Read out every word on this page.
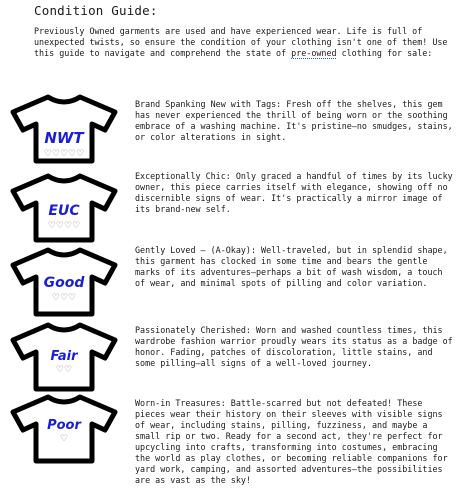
Condition Guide:
Previously Owned garments are used and have experienced wear. Life is full of unexpected twists, so ensure the condition of your clothing isn't one of them! Use this guide to navigate and comprehend the state of pre-owned clothing for sale:
NWT
♡♡♡♡♡
Brand Spanking New with Tags: Fresh off the shelves, this gem has never experienced the thrill of being worn or the soothing embrace of a washing machine. It's pristine—no smudges, stains, or color alterations in sight.
EUC
♡♡♡♡
Exceptionally Chic: Only graced a handful of times by its lucky owner, this piece carries itself with elegance, showing off no discernible signs of wear. It's practically a mirror image of its brand-new self.
Good
♡♡♡
Gently Loved – (A-Okay): Well-traveled, but in splendid shape, this garment has clocked in some time and bears the gentle marks of its adventures—perhaps a bit of wash wisdom, a touch of wear, and minimal spots of pilling and color variation.
Fair
♡♡
Passionately Cherished: Worn and washed countless times, this wardrobe fashion warrior proudly wears its status as a badge of honor. Fading, patches of discoloration, little stains, and some pilling—all signs of a well-loved journey.
Poor
♡
Worn-in Treasures: Battle-scarred but not defeated! These pieces wear their history on their sleeves with visible signs of wear, including stains, pilling, fuzziness, and maybe a small rip or two. Ready for a second act, they're perfect for upcycling into crafts, transforming into costumes, embracing the world as play clothes, or becoming reliable companions for yard work, camping, and assorted adventures—the possibilities are as vast as the sky!
